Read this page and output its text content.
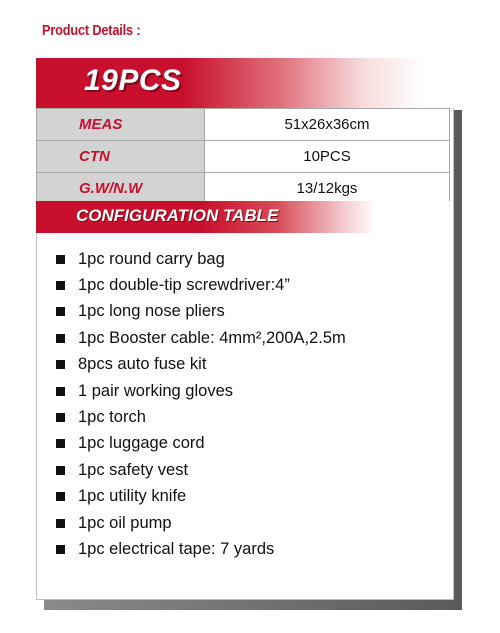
Product Details :
19PCS
MEAS	51x26x36cm
CTN	10PCS
G.W/N.W	13/12kgs
CONFIGURATION TABLE
1pc round carry bag
1pc double-tip screwdriver:4”
1pc long nose pliers
1pc Booster cable: 4mm²,200A,2.5m
8pcs auto fuse kit
1 pair working gloves
1pc torch
1pc luggage cord
1pc safety vest
1pc utility knife
1pc oil pump
1pc electrical tape: 7 yards
